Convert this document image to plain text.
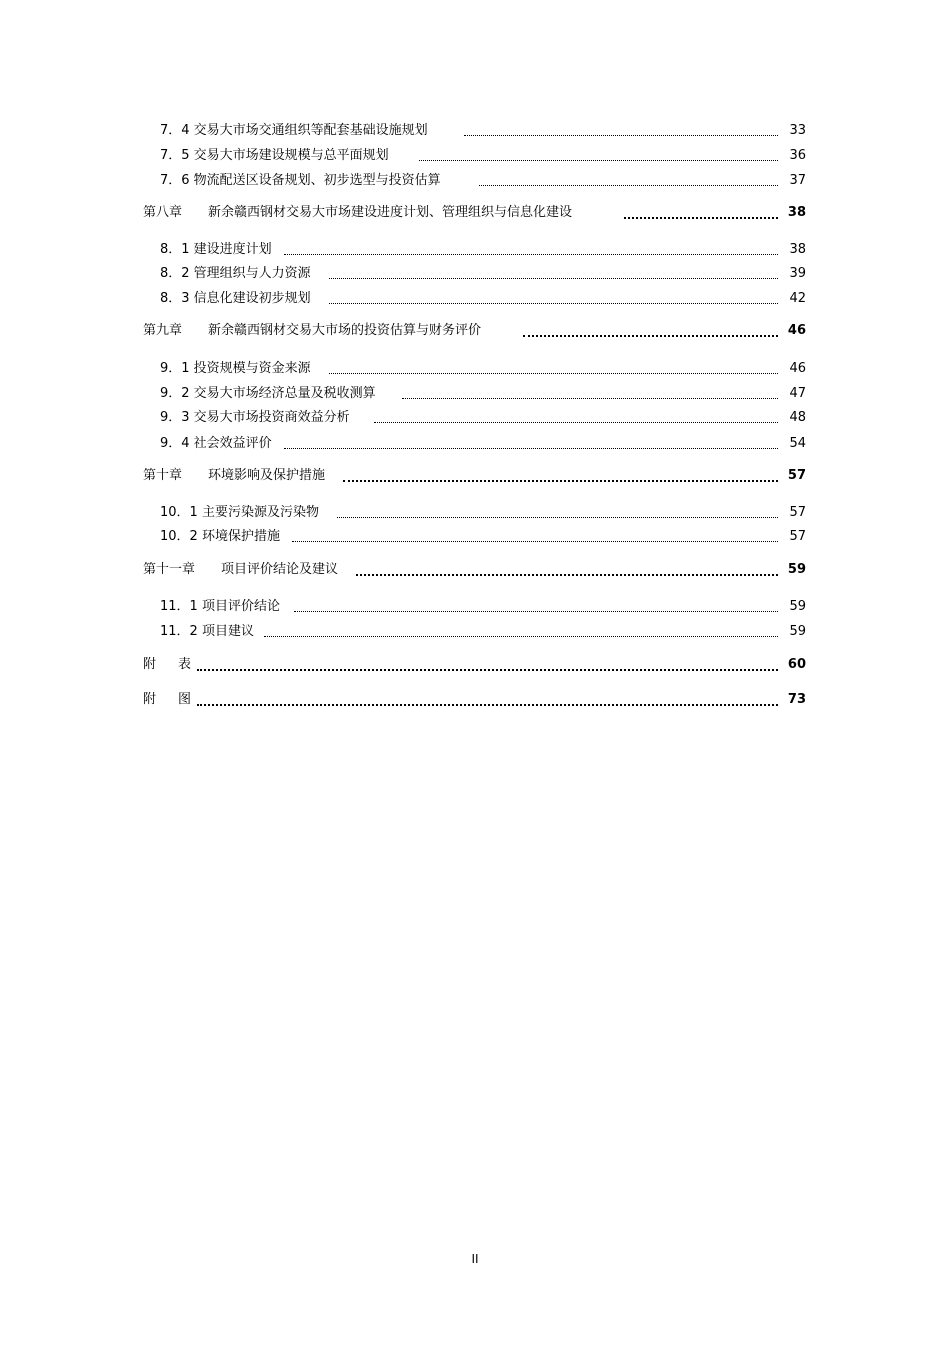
7．4 交易大市场交通组织等配套基础设施规划	33
7．5 交易大市场建设规模与总平面规划	36
7．6 物流配送区设备规划、初步选型与投资估算	37
第八章 新余赣西钢材交易大市场建设进度计划、管理组织与信息化建设	38
8．1 建设进度计划	38
8．2 管理组织与人力资源	39
8．3 信息化建设初步规划	42
第九章 新余赣西钢材交易大市场的投资估算与财务评价	46
9．1 投资规模与资金来源	46
9．2 交易大市场经济总量及税收测算	47
9．3 交易大市场投资商效益分析	48
9．4 社会效益评价	54
第十章 环境影响及保护措施	57
10．1 主要污染源及污染物	57
10．2 环境保护措施	57
第十一章 项目评价结论及建议	59
11．1 项目评价结论	59
11．2 项目建议	59
附 表	60
附 图	73
II
